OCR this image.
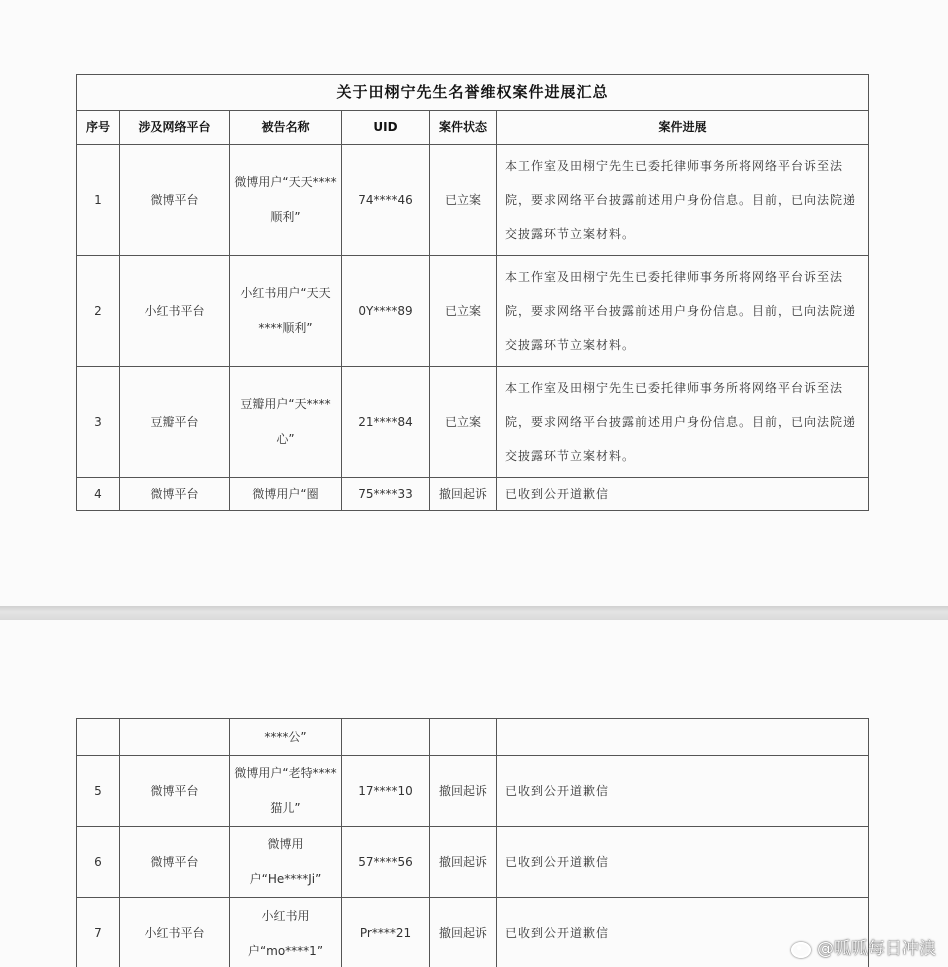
关于田栩宁先生名誉维权案件进展汇总					
序号	涉及网络平台	被告名称	UID	案件状态	案件进展
1	微博平台	微博用户“天天****顺利”	74****46	已立案	本工作室及田栩宁先生已委托律师事务所将网络平台诉至法院，要求网络平台披露前述用户身份信息。目前，已向法院递交披露环节立案材料。
2	小红书平台	小红书用户“天天****顺利”	0Y****89	已立案	本工作室及田栩宁先生已委托律师事务所将网络平台诉至法院，要求网络平台披露前述用户身份信息。目前，已向法院递交披露环节立案材料。
3	豆瓣平台	豆瓣用户“天****心”	21****84	已立案	本工作室及田栩宁先生已委托律师事务所将网络平台诉至法院，要求网络平台披露前述用户身份信息。目前，已向法院递交披露环节立案材料。
4	微博平台	微博用户“圈	75****33	撤回起诉	已收到公开道歉信
		****公”			
5	微博平台	微博用户“老特****猫儿”	17****10	撤回起诉	已收到公开道歉信
6	微博平台	微博用户“He****Ji”	57****56	撤回起诉	已收到公开道歉信
7	小红书平台	小红书用户“mo****1”	Pr****21	撤回起诉	已收到公开道歉信
@呱呱每日冲浪
